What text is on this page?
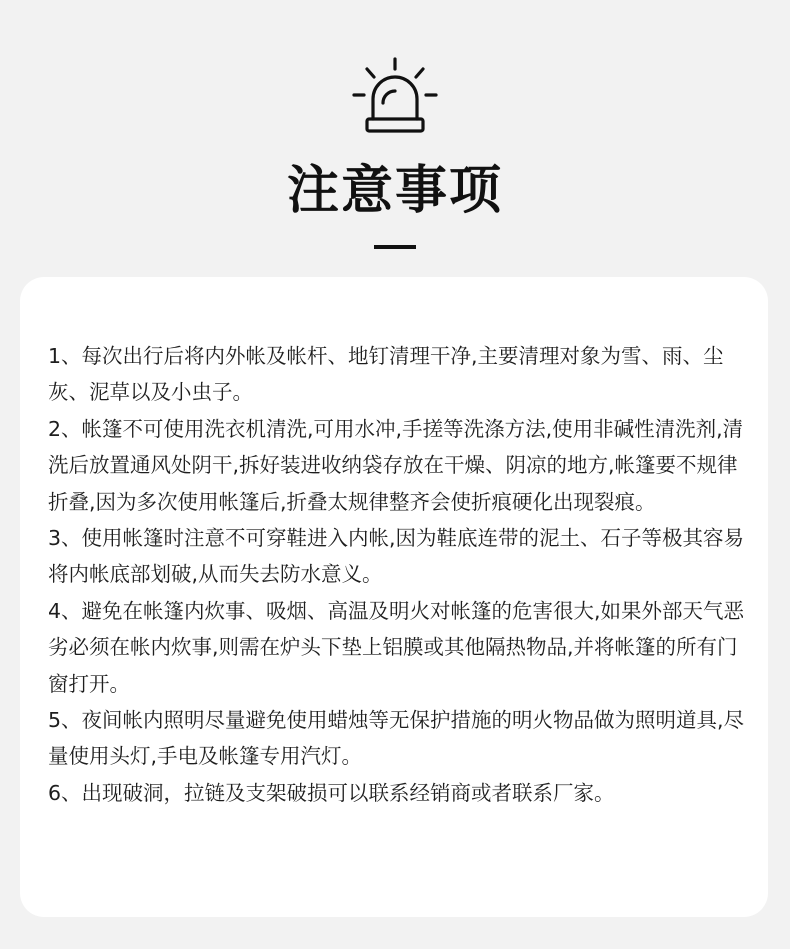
注意事项
1、每次出行后将内外帐及帐杆、地钉清理干净,主要清理对象为雪、雨、尘灰、泥草以及小虫子。
2、帐篷不可使用洗衣机清洗,可用水冲,手搓等洗涤方法,使用非碱性清洗剂,清洗后放置通风处阴干,拆好装进收纳袋存放在干燥、阴凉的地方,帐篷要不规律折叠,因为多次使用帐篷后,折叠太规律整齐会使折痕硬化出现裂痕。
3、使用帐篷时注意不可穿鞋进入内帐,因为鞋底连带的泥土、石子等极其容易将内帐底部划破,从而失去防水意义。
4、避免在帐篷内炊事、吸烟、高温及明火对帐篷的危害很大,如果外部天气恶劣必须在帐内炊事,则需在炉头下垫上铝膜或其他隔热物品,并将帐篷的所有门窗打开。
5、夜间帐内照明尽量避免使用蜡烛等无保护措施的明火物品做为照明道具,尽量使用头灯,手电及帐篷专用汽灯。
6、出现破洞，拉链及支架破损可以联系经销商或者联系厂家。
